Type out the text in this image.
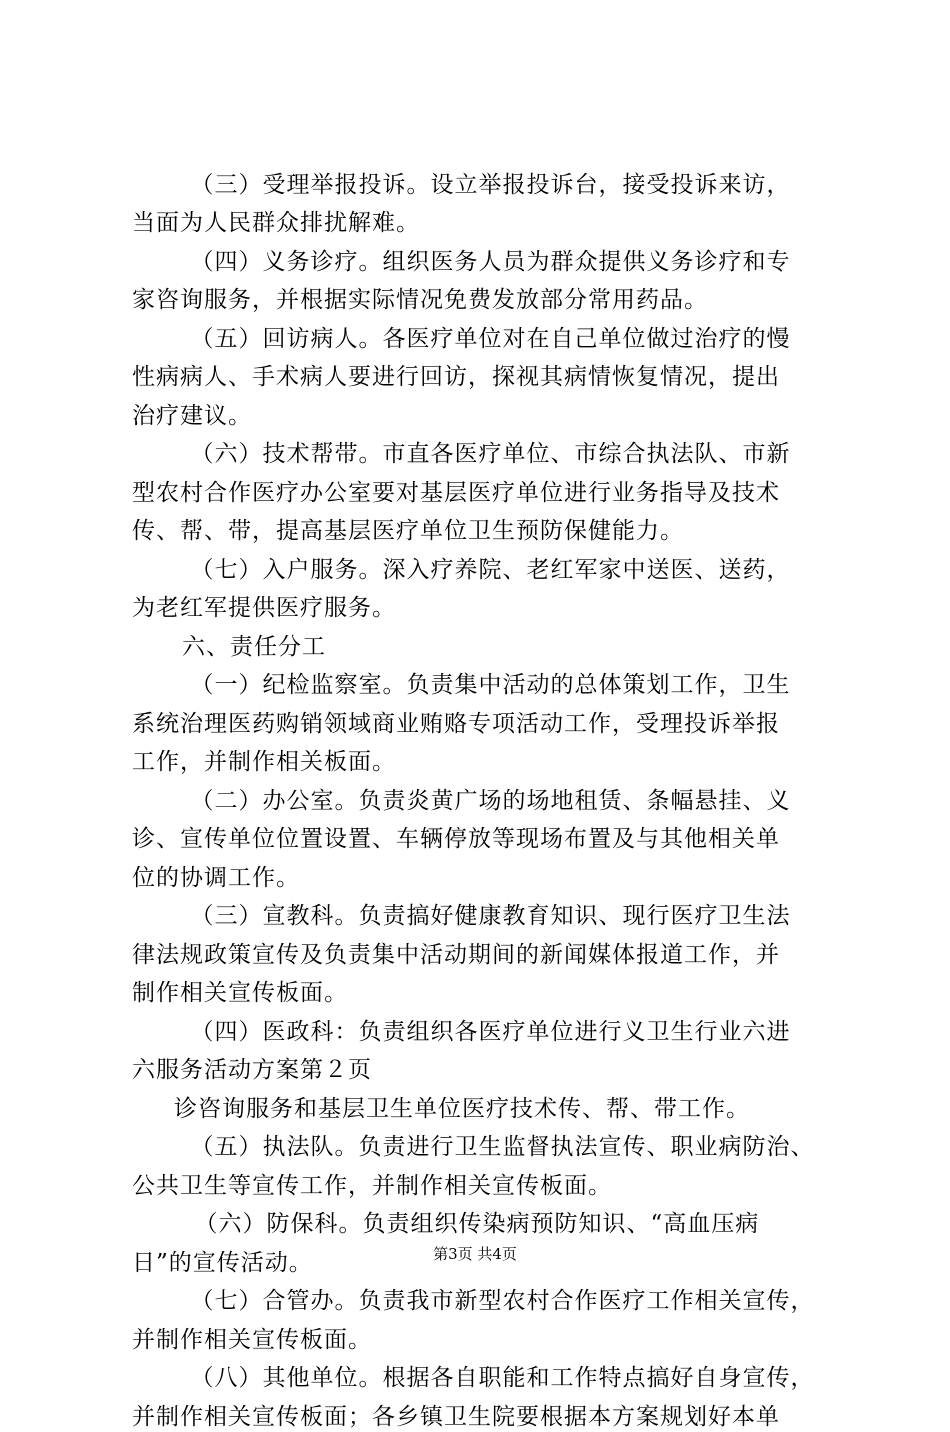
　（三）受理举报投诉。设立举报投诉台，接受投诉来访，
当面为人民群众排扰解难。
　（四）义务诊疗。组织医务人员为群众提供义务诊疗和专
家咨询服务，并根据实际情况免费发放部分常用药品。
　（五）回访病人。各医疗单位对在自己单位做过治疗的慢
性病病人、手术病人要进行回访，探视其病情恢复情况，提出
治疗建议。
　（六）技术帮带。市直各医疗单位、市综合执法队、市新
型农村合作医疗办公室要对基层医疗单位进行业务指导及技术
传、帮、带，提高基层医疗单位卫生预防保健能力。
　（七）入户服务。深入疗养院、老红军家中送医、送药，
为老红军提供医疗服务。
　六、责任分工
　（一）纪检监察室。负责集中活动的总体策划工作，卫生
系统治理医药购销领域商业贿赂专项活动工作，受理投诉举报
工作，并制作相关板面。
　（二）办公室。负责炎黄广场的场地租赁、条幅悬挂、义
诊、宣传单位位置设置、车辆停放等现场布置及与其他相关单
位的协调工作。
　（三）宣教科。负责搞好健康教育知识、现行医疗卫生法
律法规政策宣传及负责集中活动期间的新闻媒体报道工作，并
制作相关宣传板面。
　（四）医政科：负责组织各医疗单位进行义卫生行业六进
六服务活动方案第２页
　诊咨询服务和基层卫生单位医疗技术传、帮、带工作。
　（五）执法队。负责进行卫生监督执法宣传、职业病防治、
公共卫生等宣传工作，并制作相关宣传板面。
　（六）防保科。负责组织传染病预防知识、“高血压病
日”的宣传活动。
　（七）合管办。负责我市新型农村合作医疗工作相关宣传，
并制作相关宣传板面。
　（八）其他单位。根据各自职能和工作特点搞好自身宣传，
并制作相关宣传板面；各乡镇卫生院要根据本方案规划好本单
第3页 共4页
